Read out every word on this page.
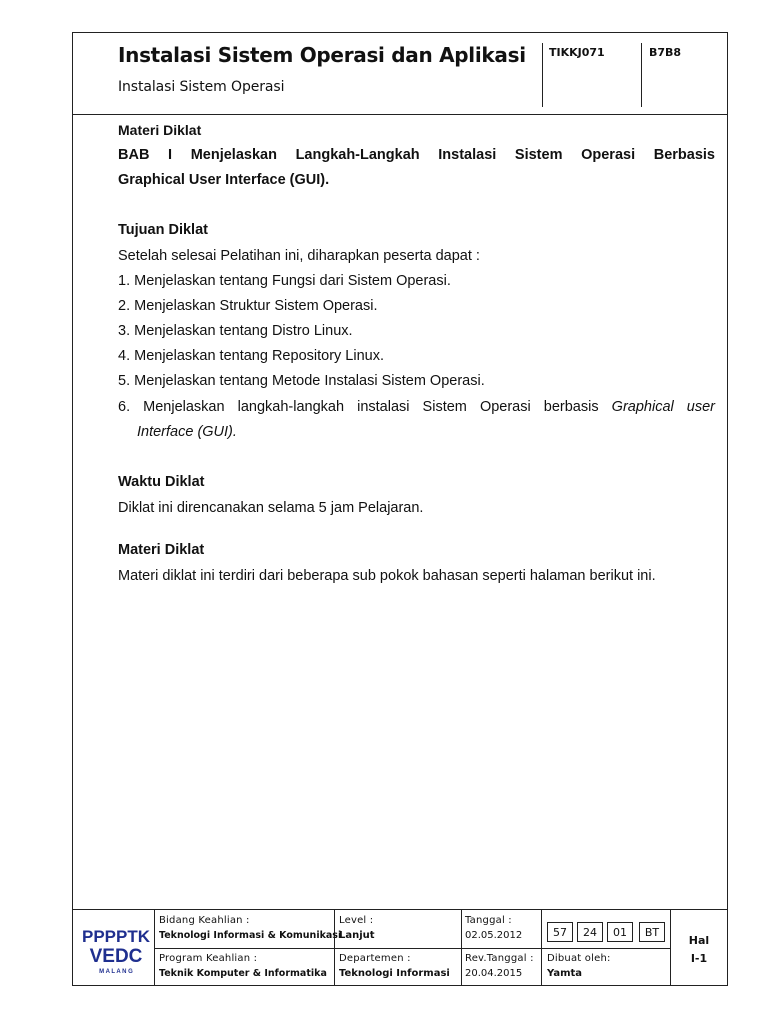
Instalasi Sistem Operasi dan Aplikasi
Instalasi Sistem Operasi
TIKKJ071	B7B8
Materi Diklat
BAB I Menjelaskan Langkah-Langkah Instalasi Sistem Operasi Berbasis
Graphical User Interface (GUI).
Tujuan Diklat
Setelah selesai Pelatihan ini, diharapkan peserta dapat :
1. Menjelaskan tentang Fungsi dari Sistem Operasi.
2. Menjelaskan Struktur Sistem Operasi.
3. Menjelaskan tentang Distro Linux.
4. Menjelaskan tentang Repository Linux.
5. Menjelaskan tentang Metode Instalasi Sistem Operasi.
6. Menjelaskan langkah-langkah instalasi Sistem Operasi berbasis Graphical user
Interface (GUI).
Waktu Diklat
Diklat ini direncanakan selama 5 jam Pelajaran.
Materi Diklat
Materi diklat ini terdiri dari beberapa sub pokok bahasan seperti halaman berikut ini.
PPPPTK
VEDC
M A L A N G
Bidang Keahlian :
Teknologi Informasi & Komunikasi
Program Keahlian :
Teknik Komputer & Informatika
Level :
Lanjut
Departemen :
Teknologi Informasi
Tanggal :
02.05.2012
Rev.Tanggal :
20.04.2015
57	24	01	BT
Dibuat oleh:
Yamta
Hal
I-1
